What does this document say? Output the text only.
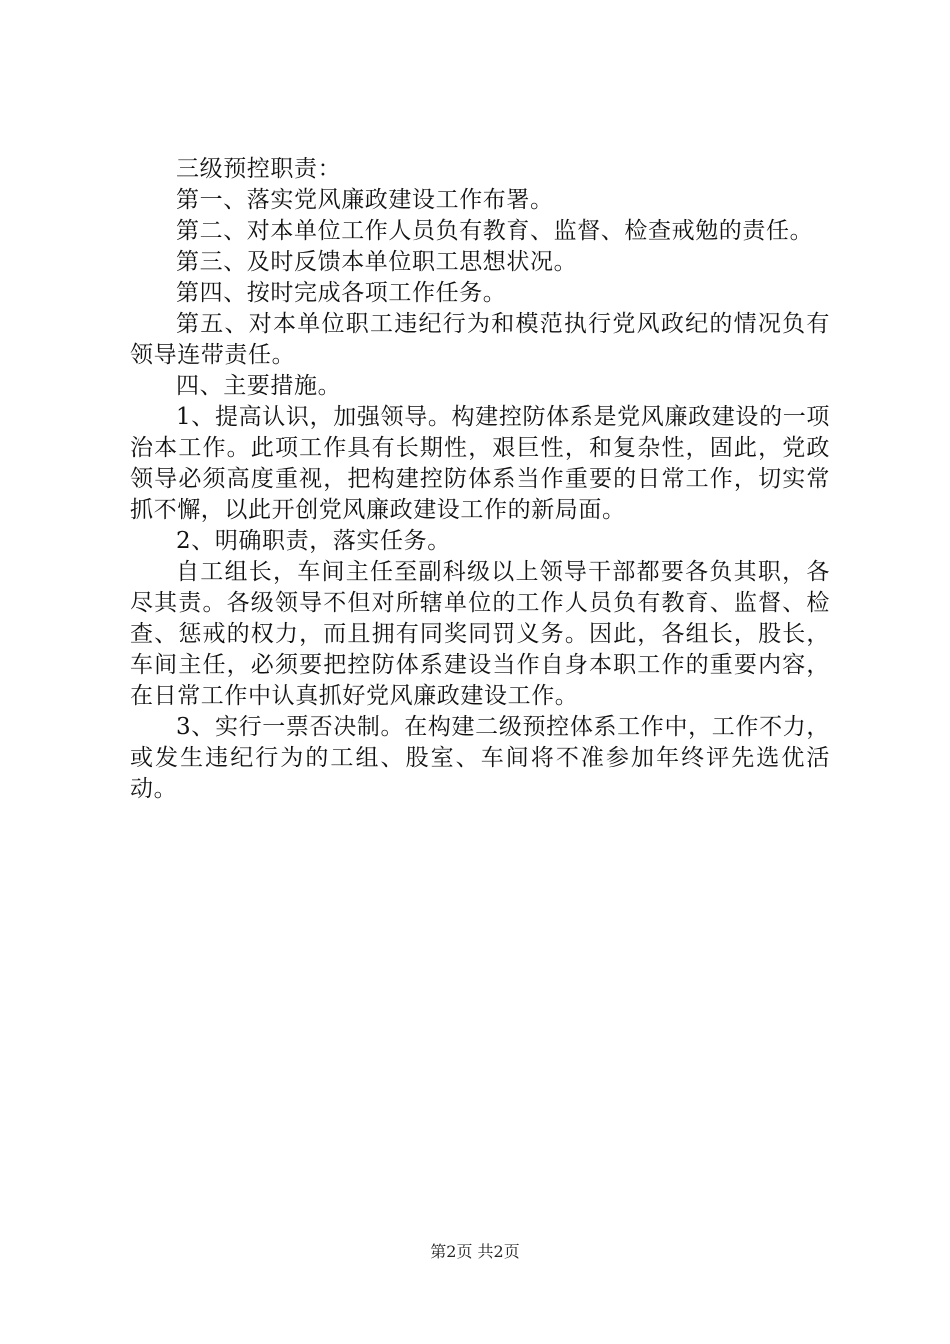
三级预控职责：

第一、落实党风廉政建设工作布署。

第二、对本单位工作人员负有教育、监督、检查戒勉的责任。

第三、及时反馈本单位职工思想状况。

第四、按时完成各项工作任务。

第五、对本单位职工违纪行为和模范执行党风政纪的情况负有领导连带责任。

四、主要措施。

1、提高认识，加强领导。构建控防体系是党风廉政建设的一项治本工作。此项工作具有长期性，艰巨性，和复杂性，固此，党政领导必须高度重视，把构建控防体系当作重要的日常工作，切实常抓不懈，以此开创党风廉政建设工作的新局面。

2、明确职责，落实任务。

自工组长，车间主任至副科级以上领导干部都要各负其职，各尽其责。各级领导不但对所辖单位的工作人员负有教育、监督、检查、惩戒的权力，而且拥有同奖同罚义务。因此，各组长，股长，车间主任，必须要把控防体系建设当作自身本职工作的重要内容，在日常工作中认真抓好党风廉政建设工作。

3、实行一票否决制。在构建二级预控体系工作中，工作不力，或发生违纪行为的工组、股室、车间将不准参加年终评先选优活动。

第2页 共2页
